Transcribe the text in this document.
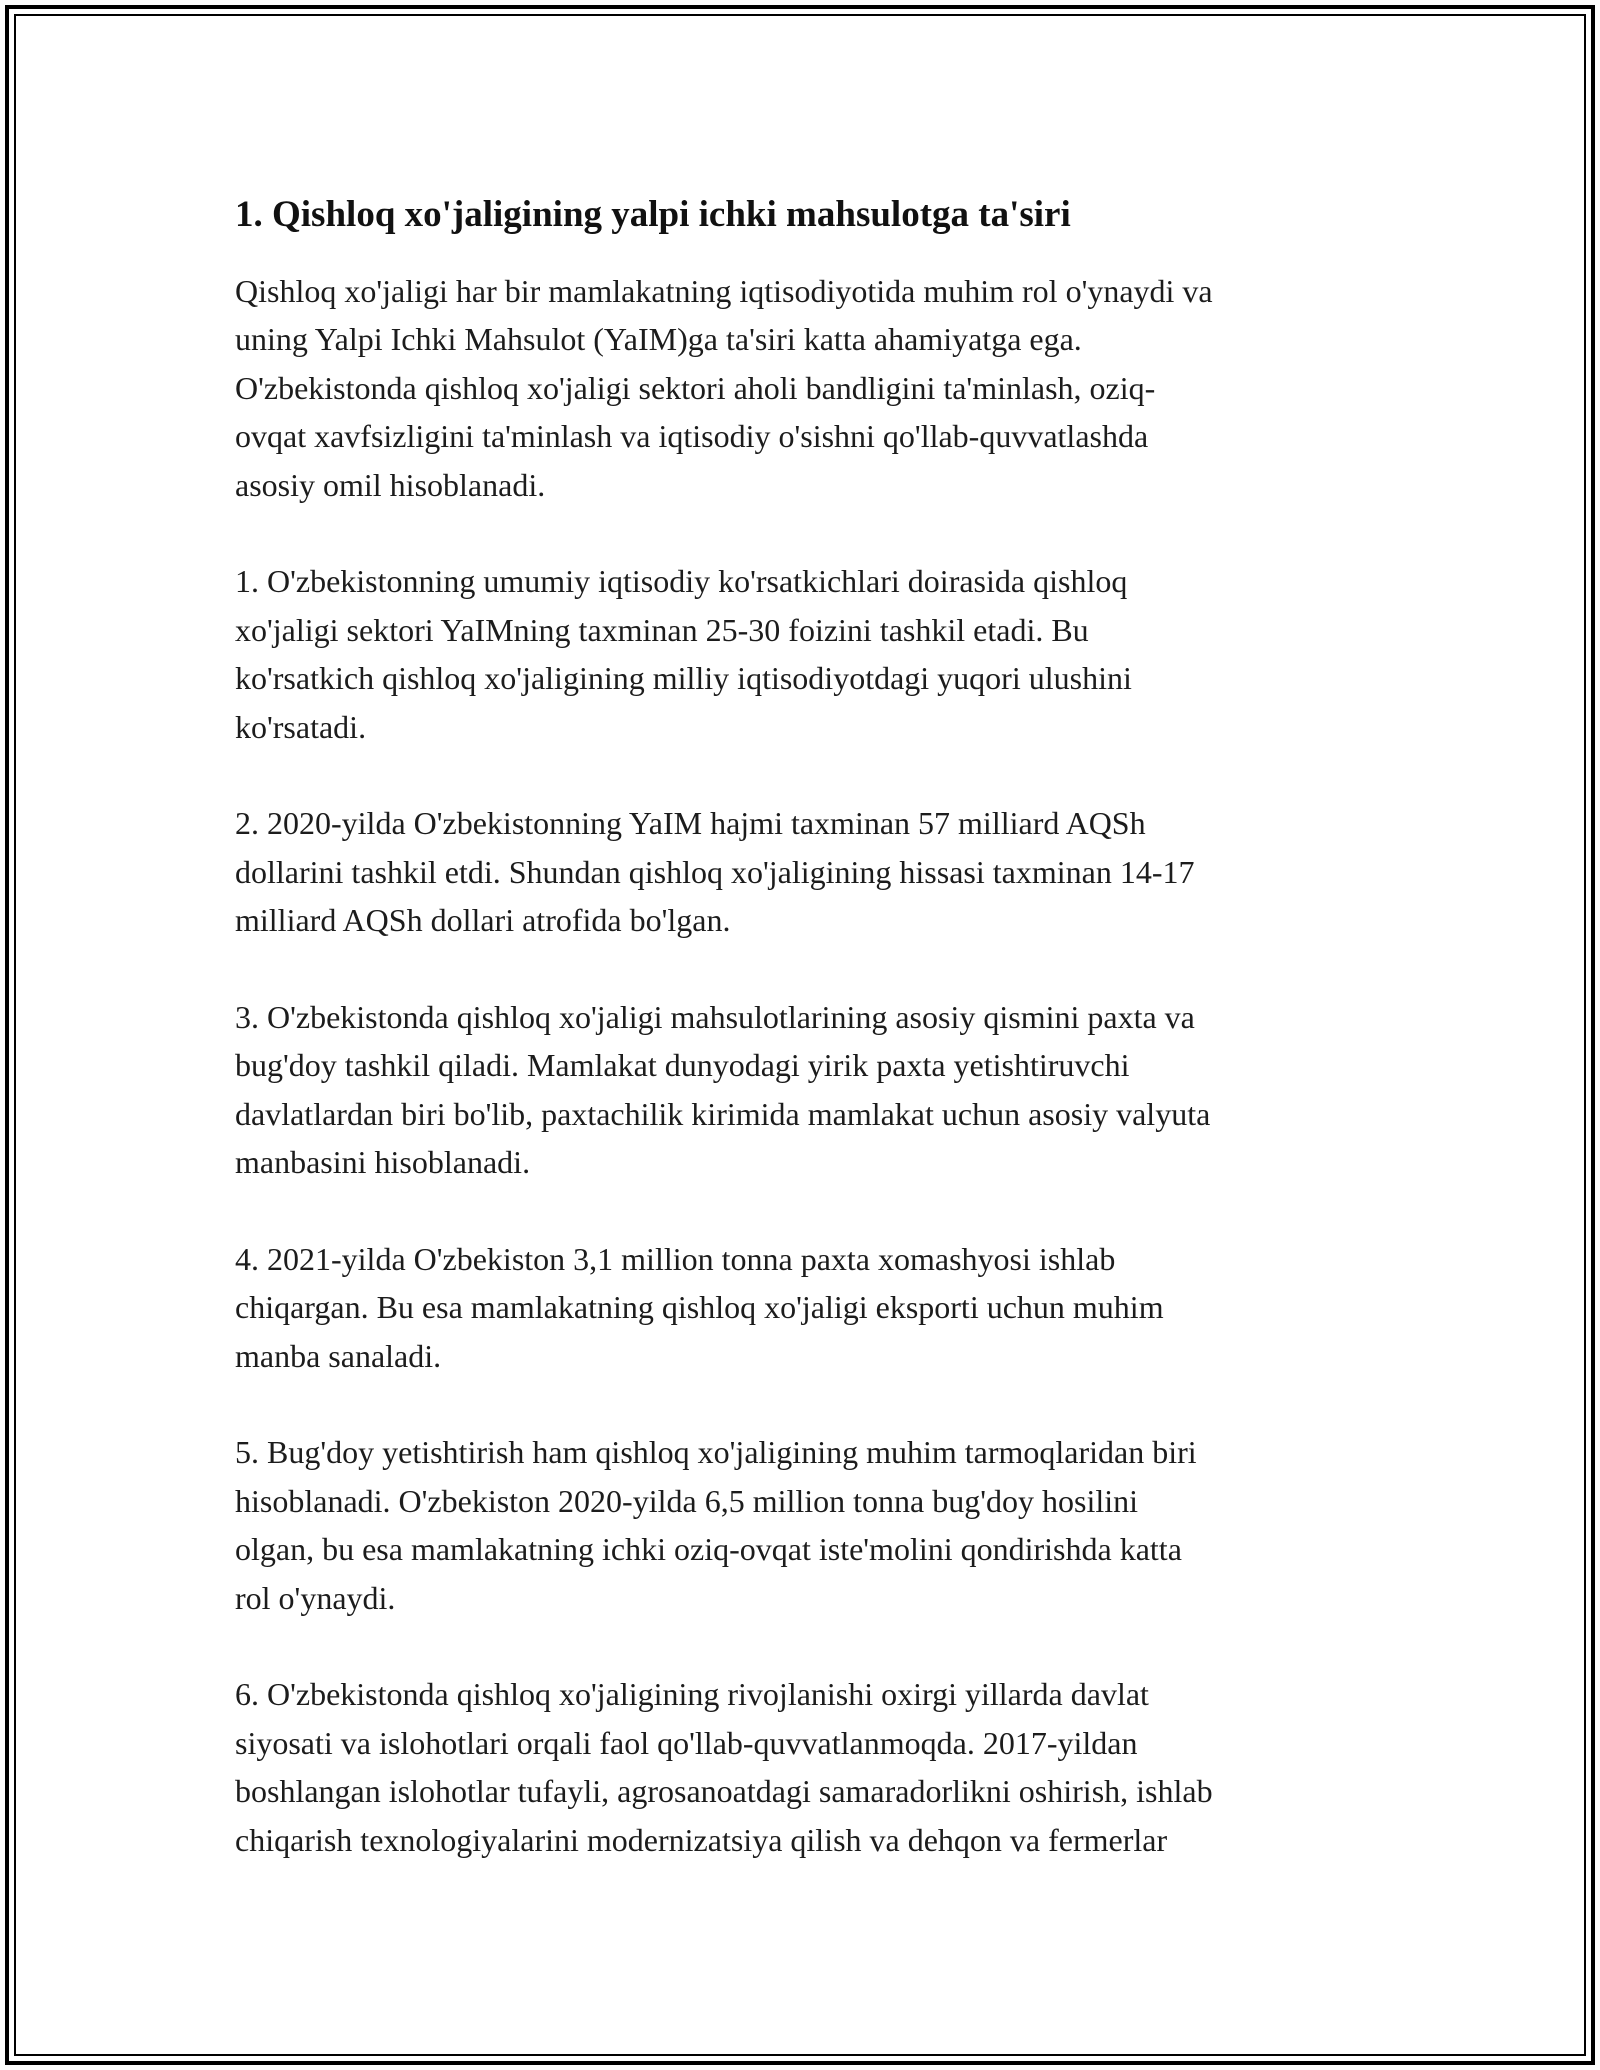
1. Qishloq xo'jaligining yalpi ichki mahsulotga ta'siri
Qishloq xo'jaligi har bir mamlakatning iqtisodiyotida muhim rol o'ynaydi va
uning Yalpi Ichki Mahsulot (YaIM)ga ta'siri katta ahamiyatga ega.
O'zbekistonda qishloq xo'jaligi sektori aholi bandligini ta'minlash, oziq-
ovqat xavfsizligini ta'minlash va iqtisodiy o'sishni qo'llab-quvvatlashda
asosiy omil hisoblanadi.
1. O'zbekistonning umumiy iqtisodiy ko'rsatkichlari doirasida qishloq
xo'jaligi sektori YaIMning taxminan 25-30 foizini tashkil etadi. Bu
ko'rsatkich qishloq xo'jaligining milliy iqtisodiyotdagi yuqori ulushini
ko'rsatadi.
2. 2020-yilda O'zbekistonning YaIM hajmi taxminan 57 milliard AQSh
dollarini tashkil etdi. Shundan qishloq xo'jaligining hissasi taxminan 14-17
milliard AQSh dollari atrofida bo'lgan.
3. O'zbekistonda qishloq xo'jaligi mahsulotlarining asosiy qismini paxta va
bug'doy tashkil qiladi. Mamlakat dunyodagi yirik paxta yetishtiruvchi
davlatlardan biri bo'lib, paxtachilik kirimida mamlakat uchun asosiy valyuta
manbasini hisoblanadi.
4. 2021-yilda O'zbekiston 3,1 million tonna paxta xomashyosi ishlab
chiqargan. Bu esa mamlakatning qishloq xo'jaligi eksporti uchun muhim
manba sanaladi.
5. Bug'doy yetishtirish ham qishloq xo'jaligining muhim tarmoqlaridan biri
hisoblanadi. O'zbekiston 2020-yilda 6,5 million tonna bug'doy hosilini
olgan, bu esa mamlakatning ichki oziq-ovqat iste'molini qondirishda katta
rol o'ynaydi.
6. O'zbekistonda qishloq xo'jaligining rivojlanishi oxirgi yillarda davlat
siyosati va islohotlari orqali faol qo'llab-quvvatlanmoqda. 2017-yildan
boshlangan islohotlar tufayli, agrosanoatdagi samaradorlikni oshirish, ishlab
chiqarish texnologiyalarini modernizatsiya qilish va dehqon va fermerlar
